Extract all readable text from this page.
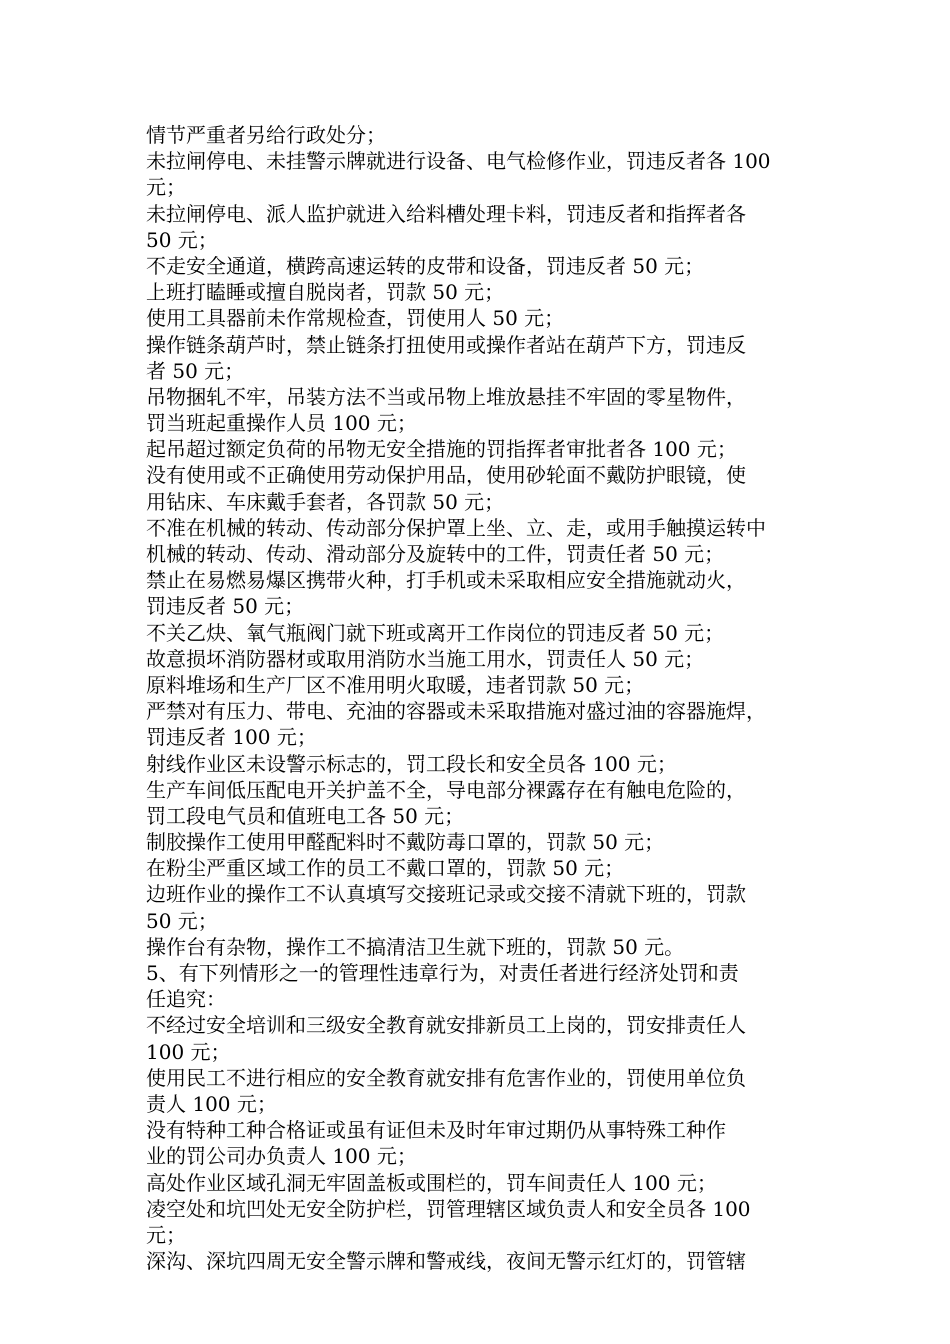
情节严重者另给行政处分；

未拉闸停电、未挂警示牌就进行设备、电气检修作业，罚违反者各 100

元；

未拉闸停电、派人监护就进入给料槽处理卡料，罚违反者和指挥者各

50 元；

不走安全通道，横跨高速运转的皮带和设备，罚违反者 50 元；

上班打瞌睡或擅自脱岗者，罚款 50 元；

使用工具器前未作常规检查，罚使用人 50 元；

操作链条葫芦时，禁止链条打扭使用或操作者站在葫芦下方，罚违反

者 50 元；

吊物捆轧不牢，吊装方法不当或吊物上堆放悬挂不牢固的零星物件，

罚当班起重操作人员 100 元；

起吊超过额定负荷的吊物无安全措施的罚指挥者审批者各 100 元；

没有使用或不正确使用劳动保护用品，使用砂轮面不戴防护眼镜，使

用钻床、车床戴手套者，各罚款 50 元；

不准在机械的转动、传动部分保护罩上坐、立、走，或用手触摸运转中

机械的转动、传动、滑动部分及旋转中的工件，罚责任者 50 元；

禁止在易燃易爆区携带火种，打手机或未采取相应安全措施就动火，

罚违反者 50 元；

不关乙炔、氧气瓶阀门就下班或离开工作岗位的罚违反者 50 元；

故意损坏消防器材或取用消防水当施工用水，罚责任人 50 元；

原料堆场和生产厂区不准用明火取暖，违者罚款 50 元；

严禁对有压力、带电、充油的容器或未采取措施对盛过油的容器施焊，

罚违反者 100 元；

射线作业区未设警示标志的，罚工段长和安全员各 100 元；

生产车间低压配电开关护盖不全，导电部分裸露存在有触电危险的，

罚工段电气员和值班电工各 50 元；

制胶操作工使用甲醛配料时不戴防毒口罩的，罚款 50 元；

在粉尘严重区域工作的员工不戴口罩的，罚款 50 元；

边班作业的操作工不认真填写交接班记录或交接不清就下班的，罚款

50 元；

操作台有杂物，操作工不搞清洁卫生就下班的，罚款 50 元。

5、有下列情形之一的管理性违章行为，对责任者进行经济处罚和责

任追究：

不经过安全培训和三级安全教育就安排新员工上岗的，罚安排责任人

100 元；

使用民工不进行相应的安全教育就安排有危害作业的，罚使用单位负

责人 100 元；

没有特种工种合格证或虽有证但未及时年审过期仍从事特殊工种作

业的罚公司办负责人 100 元；

高处作业区域孔洞无牢固盖板或围栏的，罚车间责任人 100 元；

凌空处和坑凹处无安全防护栏，罚管理辖区域负责人和安全员各 100

元；

深沟、深坑四周无安全警示牌和警戒线，夜间无警示红灯的，罚管辖
